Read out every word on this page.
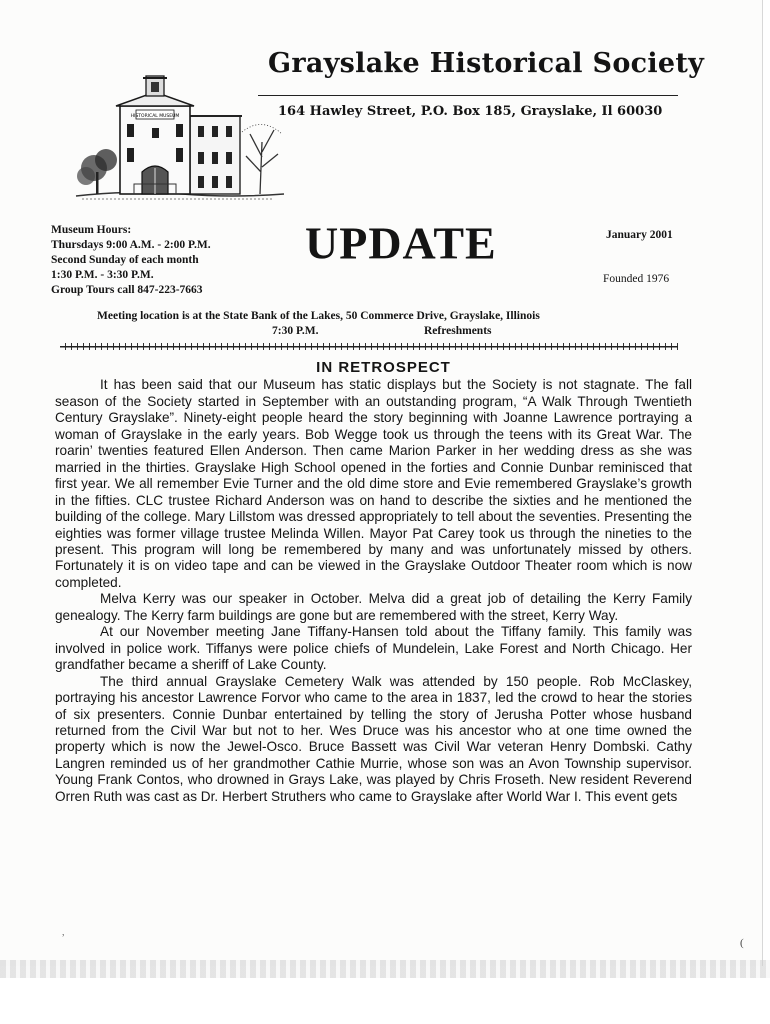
Grayslake Historical Society
164 Hawley Street, P.O. Box 185, Grayslake, Il 60030
HISTORICAL MUSEUM
Museum Hours:
Thursdays 9:00 A.M. - 2:00 P.M.
Second Sunday of each month
1:30 P.M. - 3:30 P.M.
Group Tours call 847-223-7663
UPDATE	January 2001
Founded 1976
Meeting location is at the State Bank of the Lakes, 50 Commerce Drive, Grayslake, Illinois
7:30 P.M.	Refreshments
IN RETROSPECT

It has been said that our Museum has static displays but the Society is not stagnate. The fall season of the Society started in September with an outstanding program, “A Walk Through Twentieth Century Grayslake”. Ninety-eight people heard the story beginning with Joanne Lawrence portraying a woman of Grayslake in the early years. Bob Wegge took us through the teens with its Great War. The roarin’ twenties featured Ellen Anderson. Then came Marion Parker in her wedding dress as she was married in the thirties. Grayslake High School opened in the forties and Connie Dunbar reminisced that first year. We all remember Evie Turner and the old dime store and Evie remembered Grayslake’s growth in the fifties. CLC trustee Richard Anderson was on hand to describe the sixties and he mentioned the building of the college. Mary Lillstom was dressed appropriately to tell about the seventies. Presenting the eighties was former village trustee Melinda Willen. Mayor Pat Carey took us through the nineties to the present. This program will long be remembered by many and was unfortunately missed by others. Fortunately it is on video tape and can be viewed in the Grayslake Outdoor Theater room which is now completed.

Melva Kerry was our speaker in October. Melva did a great job of detailing the Kerry Family genealogy. The Kerry farm buildings are gone but are remembered with the street, Kerry Way.

At our November meeting Jane Tiffany-Hansen told about the Tiffany family. This family was involved in police work. Tiffanys were police chiefs of Mundelein, Lake Forest and North Chicago. Her grandfather became a sheriff of Lake County.

The third annual Grayslake Cemetery Walk was attended by 150 people. Rob McClaskey, portraying his ancestor Lawrence Forvor who came to the area in 1837, led the crowd to hear the stories of six presenters. Connie Dunbar entertained by telling the story of Jerusha Potter whose husband returned from the Civil War but not to her. Wes Druce was his ancestor who at one time owned the property which is now the Jewel-Osco. Bruce Bassett was Civil War veteran Henry Dombski. Cathy Langren reminded us of her grandmother Cathie Murrie, whose son was an Avon Township supervisor. Young Frank Contos, who drowned in Grays Lake, was played by Chris Froseth. New resident Reverend Orren Ruth was cast as Dr. Herbert Struthers who came to Grayslake after World War I. This event gets

,
(
